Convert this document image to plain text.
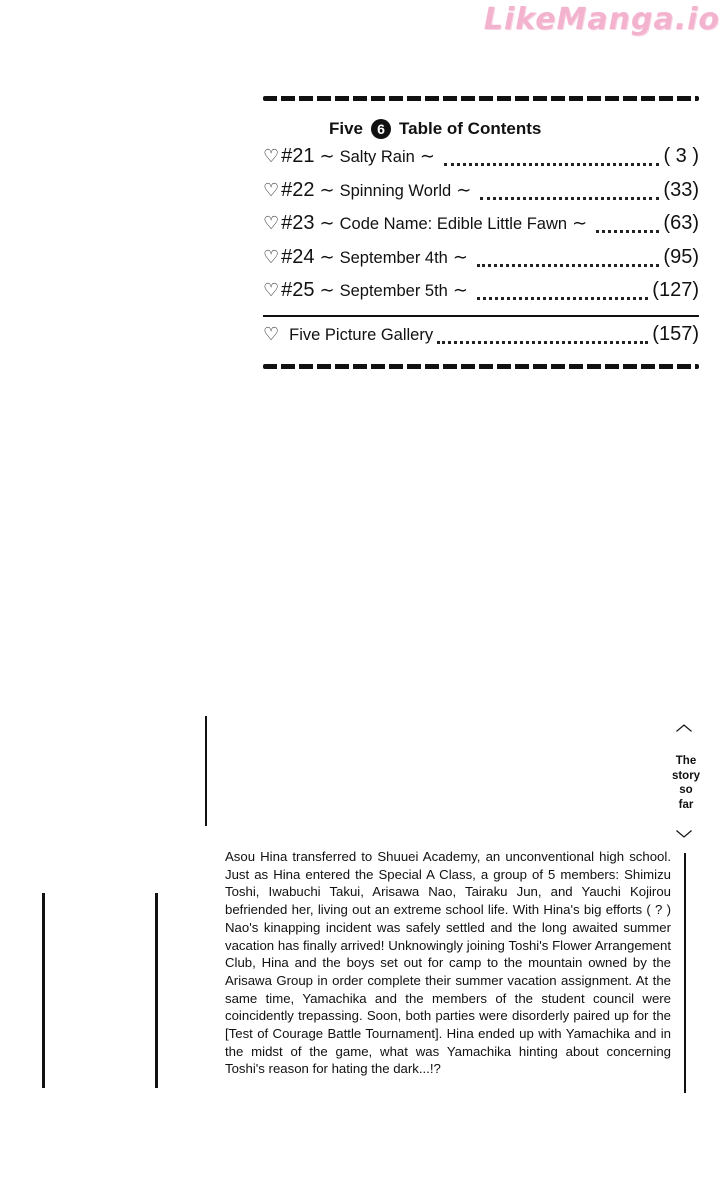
LikeManga.io
Five	6 Table of Contents
♡ #21 ∼ Salty Rain ∼	( 3 )
♡ #22 ∼ Spinning World ∼	(33)
♡ #23 ∼ Code Name: Edible Little Fawn ∼	(63)
♡ #24 ∼ September 4th ∼	(95)
♡ #25 ∼ September 5th ∼	(127)
♡ Five Picture Gallery	(157)
︿
The
story
so
far
﹀
Asou Hina transferred to Shuuei Academy, an unconventional high school. Just as Hina entered the Special A Class, a group of 5 members: Shimizu Toshi, Iwabuchi Takui, Arisawa Nao, Tairaku Jun, and Yauchi Kojirou befriended her, living out an extreme school life. With Hina's big efforts ( ? ) Nao's kinapping incident was safely settled and the long awaited summer vacation has finally arrived! Unknowingly joining Toshi's Flower Arrangement Club, Hina and the boys set out for camp to the mountain owned by the Arisawa Group in order complete their summer vacation assignment. At the same time, Yamachika and the members of the student council were coincidently trepassing. Soon, both parties were disorderly paired up for the [Test of Courage Battle Tournament]. Hina ended up with Yamachika and in the midst of the game, what was Yamachika hinting about concerning Toshi's reason for hating the dark...!?
